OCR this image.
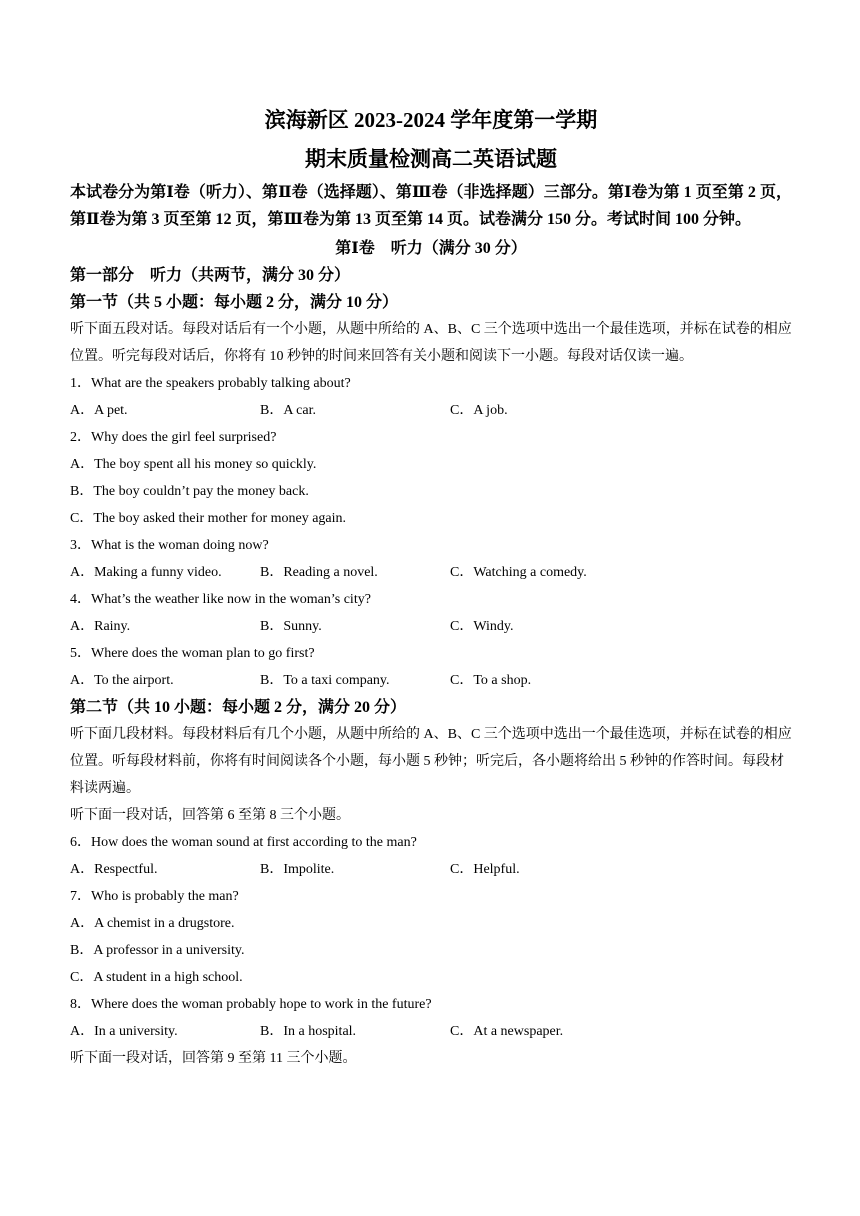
滨海新区 2023-2024 学年度第一学期

期末质量检测高二英语试题

本试卷分为第Ⅰ卷（听力）、第Ⅱ卷（选择题）、第Ⅲ卷（非选择题）三部分。第Ⅰ卷为第 1 页至第 2 页，第Ⅱ卷为第 3 页至第 12 页，第Ⅲ卷为第 13 页至第 14 页。试卷满分 150 分。考试时间 100 分钟。

第Ⅰ卷　听力（满分 30 分）

第一部分　听力（共两节，满分 30 分）

第一节（共 5 小题：每小题 2 分，满分 10 分）

听下面五段对话。每段对话后有一个小题，从题中所给的 A、B、C 三个选项中选出一个最佳选项，并标在试卷的相应位置。听完每段对话后，你将有 10 秒钟的时间来回答有关小题和阅读下一小题。每段对话仅读一遍。

1．What are the speakers probably talking about?

A．A pet.	B．A car.	C．A job.

2．Why does the girl feel surprised?

A．The boy spent all his money so quickly.

B．The boy couldn’t pay the money back.

C．The boy asked their mother for money again.

3．What is the woman doing now?

A．Making a funny video.	B．Reading a novel.	C．Watching a comedy.

4．What’s the weather like now in the woman’s city?

A．Rainy.	B．Sunny.	C．Windy.

5．Where does the woman plan to go first?

A．To the airport.	B．To a taxi company.	C．To a shop.

第二节（共 10 小题：每小题 2 分，满分 20 分）

听下面几段材料。每段材料后有几个小题，从题中所给的 A、B、C 三个选项中选出一个最佳选项，并标在试卷的相应位置。听每段材料前，你将有时间阅读各个小题，每小题 5 秒钟；听完后，各小题将给出 5 秒钟的作答时间。每段材料读两遍。

听下面一段对话，回答第 6 至第 8 三个小题。

6．How does the woman sound at first according to the man?

A．Respectful.	B．Impolite.	C．Helpful.

7．Who is probably the man?

A．A chemist in a drugstore.

B．A professor in a university.

C．A student in a high school.

8．Where does the woman probably hope to work in the future?

A．In a university.	B．In a hospital.	C．At a newspaper.

听下面一段对话，回答第 9 至第 11 三个小题。
